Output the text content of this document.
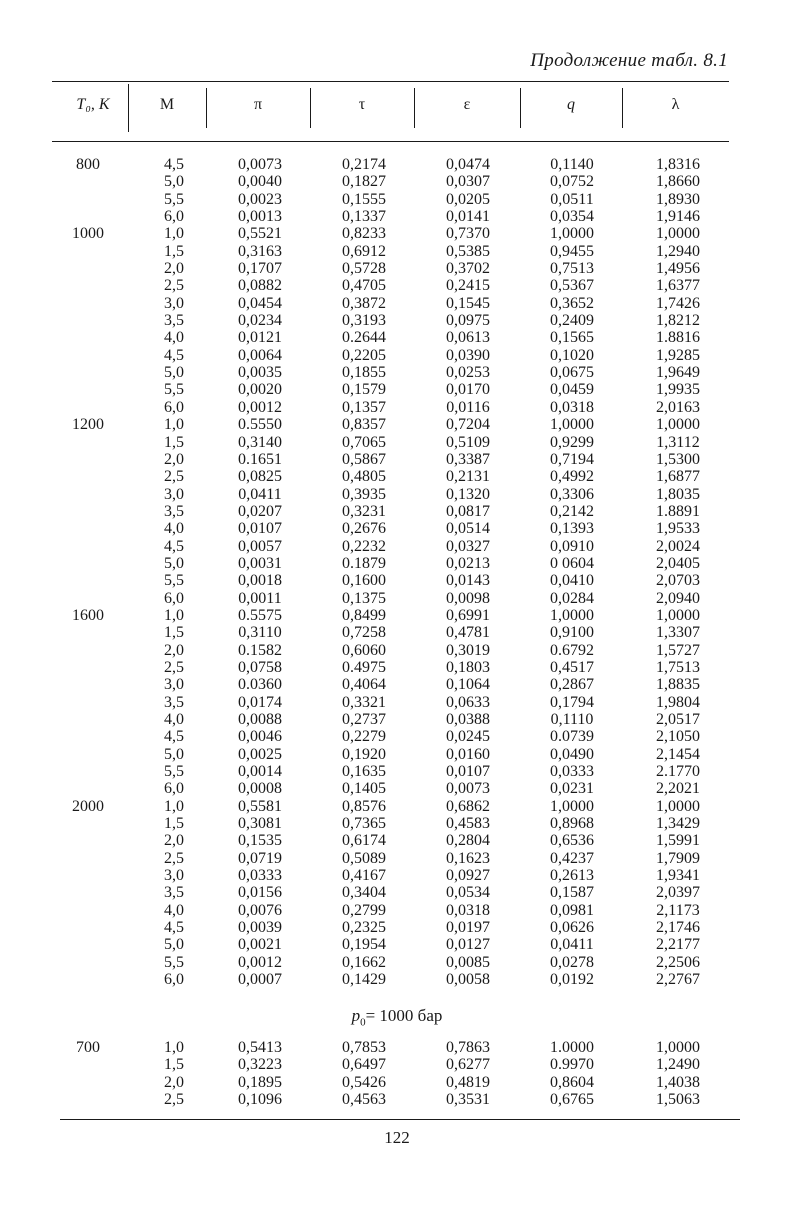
Продолжение табл. 8.1
T₀, K	M	π	τ	ε	q	λ
800	4,5	0,0073	0,2174	0,0474	0,1140	1,8316
5,0	0,0040	0,1827	0,0307	0,0752	1,8660
5,5	0,0023	0,1555	0,0205	0,0511	1,8930
6,0	0,0013	0,1337	0,0141	0,0354	1,9146
1000	1,0	0,5521	0,8233	0,7370	1,0000	1,0000
1,5	0,3163	0,6912	0,5385	0,9455	1,2940
2,0	0,1707	0,5728	0,3702	0,7513	1,4956
2,5	0,0882	0,4705	0,2415	0,5367	1,6377
3,0	0,0454	0,3872	0,1545	0,3652	1,7426
3,5	0,0234	0,3193	0,0975	0,2409	1,8212
4,0	0,0121	0.2644	0,0613	0,1565	1.8816
4,5	0,0064	0,2205	0,0390	0,1020	1,9285
5,0	0,0035	0,1855	0,0253	0,0675	1,9649
5,5	0,0020	0,1579	0,0170	0,0459	1,9935
6,0	0,0012	0,1357	0,0116	0,0318	2,0163
1200	1,0	0.5550	0,8357	0,7204	1,0000	1,0000
1,5	0,3140	0,7065	0,5109	0,9299	1,3112
2,0	0.1651	0,5867	0,3387	0,7194	1,5300
2,5	0,0825	0,4805	0,2131	0,4992	1,6877
3,0	0,0411	0,3935	0,1320	0,3306	1,8035
3,5	0,0207	0,3231	0,0817	0,2142	1.8891
4,0	0,0107	0,2676	0,0514	0,1393	1,9533
4,5	0,0057	0,2232	0,0327	0,0910	2,0024
5,0	0,0031	0.1879	0,0213	0 0604	2,0405
5,5	0,0018	0,1600	0,0143	0,0410	2,0703
6,0	0,0011	0,1375	0,0098	0,0284	2,0940
1600	1,0	0.5575	0,8499	0,6991	1,0000	1,0000
1,5	0,3110	0,7258	0,4781	0,9100	1,3307
2,0	0.1582	0,6060	0,3019	0.6792	1,5727
2,5	0,0758	0.4975	0,1803	0,4517	1,7513
3,0	0.0360	0,4064	0,1064	0,2867	1,8835
3,5	0,0174	0,3321	0,0633	0,1794	1,9804
4,0	0,0088	0,2737	0,0388	0,1110	2,0517
4,5	0,0046	0,2279	0,0245	0.0739	2,1050
5,0	0,0025	0,1920	0,0160	0,0490	2,1454
5,5	0,0014	0,1635	0,0107	0,0333	2.1770
6,0	0,0008	0,1405	0,0073	0,0231	2,2021
2000	1,0	0,5581	0,8576	0,6862	1,0000	1,0000
1,5	0,3081	0,7365	0,4583	0,8968	1,3429
2,0	0,1535	0,6174	0,2804	0,6536	1,5991
2,5	0,0719	0,5089	0,1623	0,4237	1,7909
3,0	0,0333	0,4167	0,0927	0,2613	1,9341
3,5	0,0156	0,3404	0,0534	0,1587	2,0397
4,0	0,0076	0,2799	0,0318	0,0981	2,1173
4,5	0,0039	0,2325	0,0197	0,0626	2,1746
5,0	0,0021	0,1954	0,0127	0,0411	2,2177
5,5	0,0012	0,1662	0,0085	0,0278	2,2506
6,0	0,0007	0,1429	0,0058	0,0192	2,2767
$p_0= 1000$ бар
700	1,0	0,5413	0,7853	0,7863	1.0000	1,0000
1,5	0,3223	0,6497	0,6277	0.9970	1,2490
2,0	0,1895	0,5426	0,4819	0,8604	1,4038
2,5	0,1096	0,4563	0,3531	0,6765	1,5063
122
